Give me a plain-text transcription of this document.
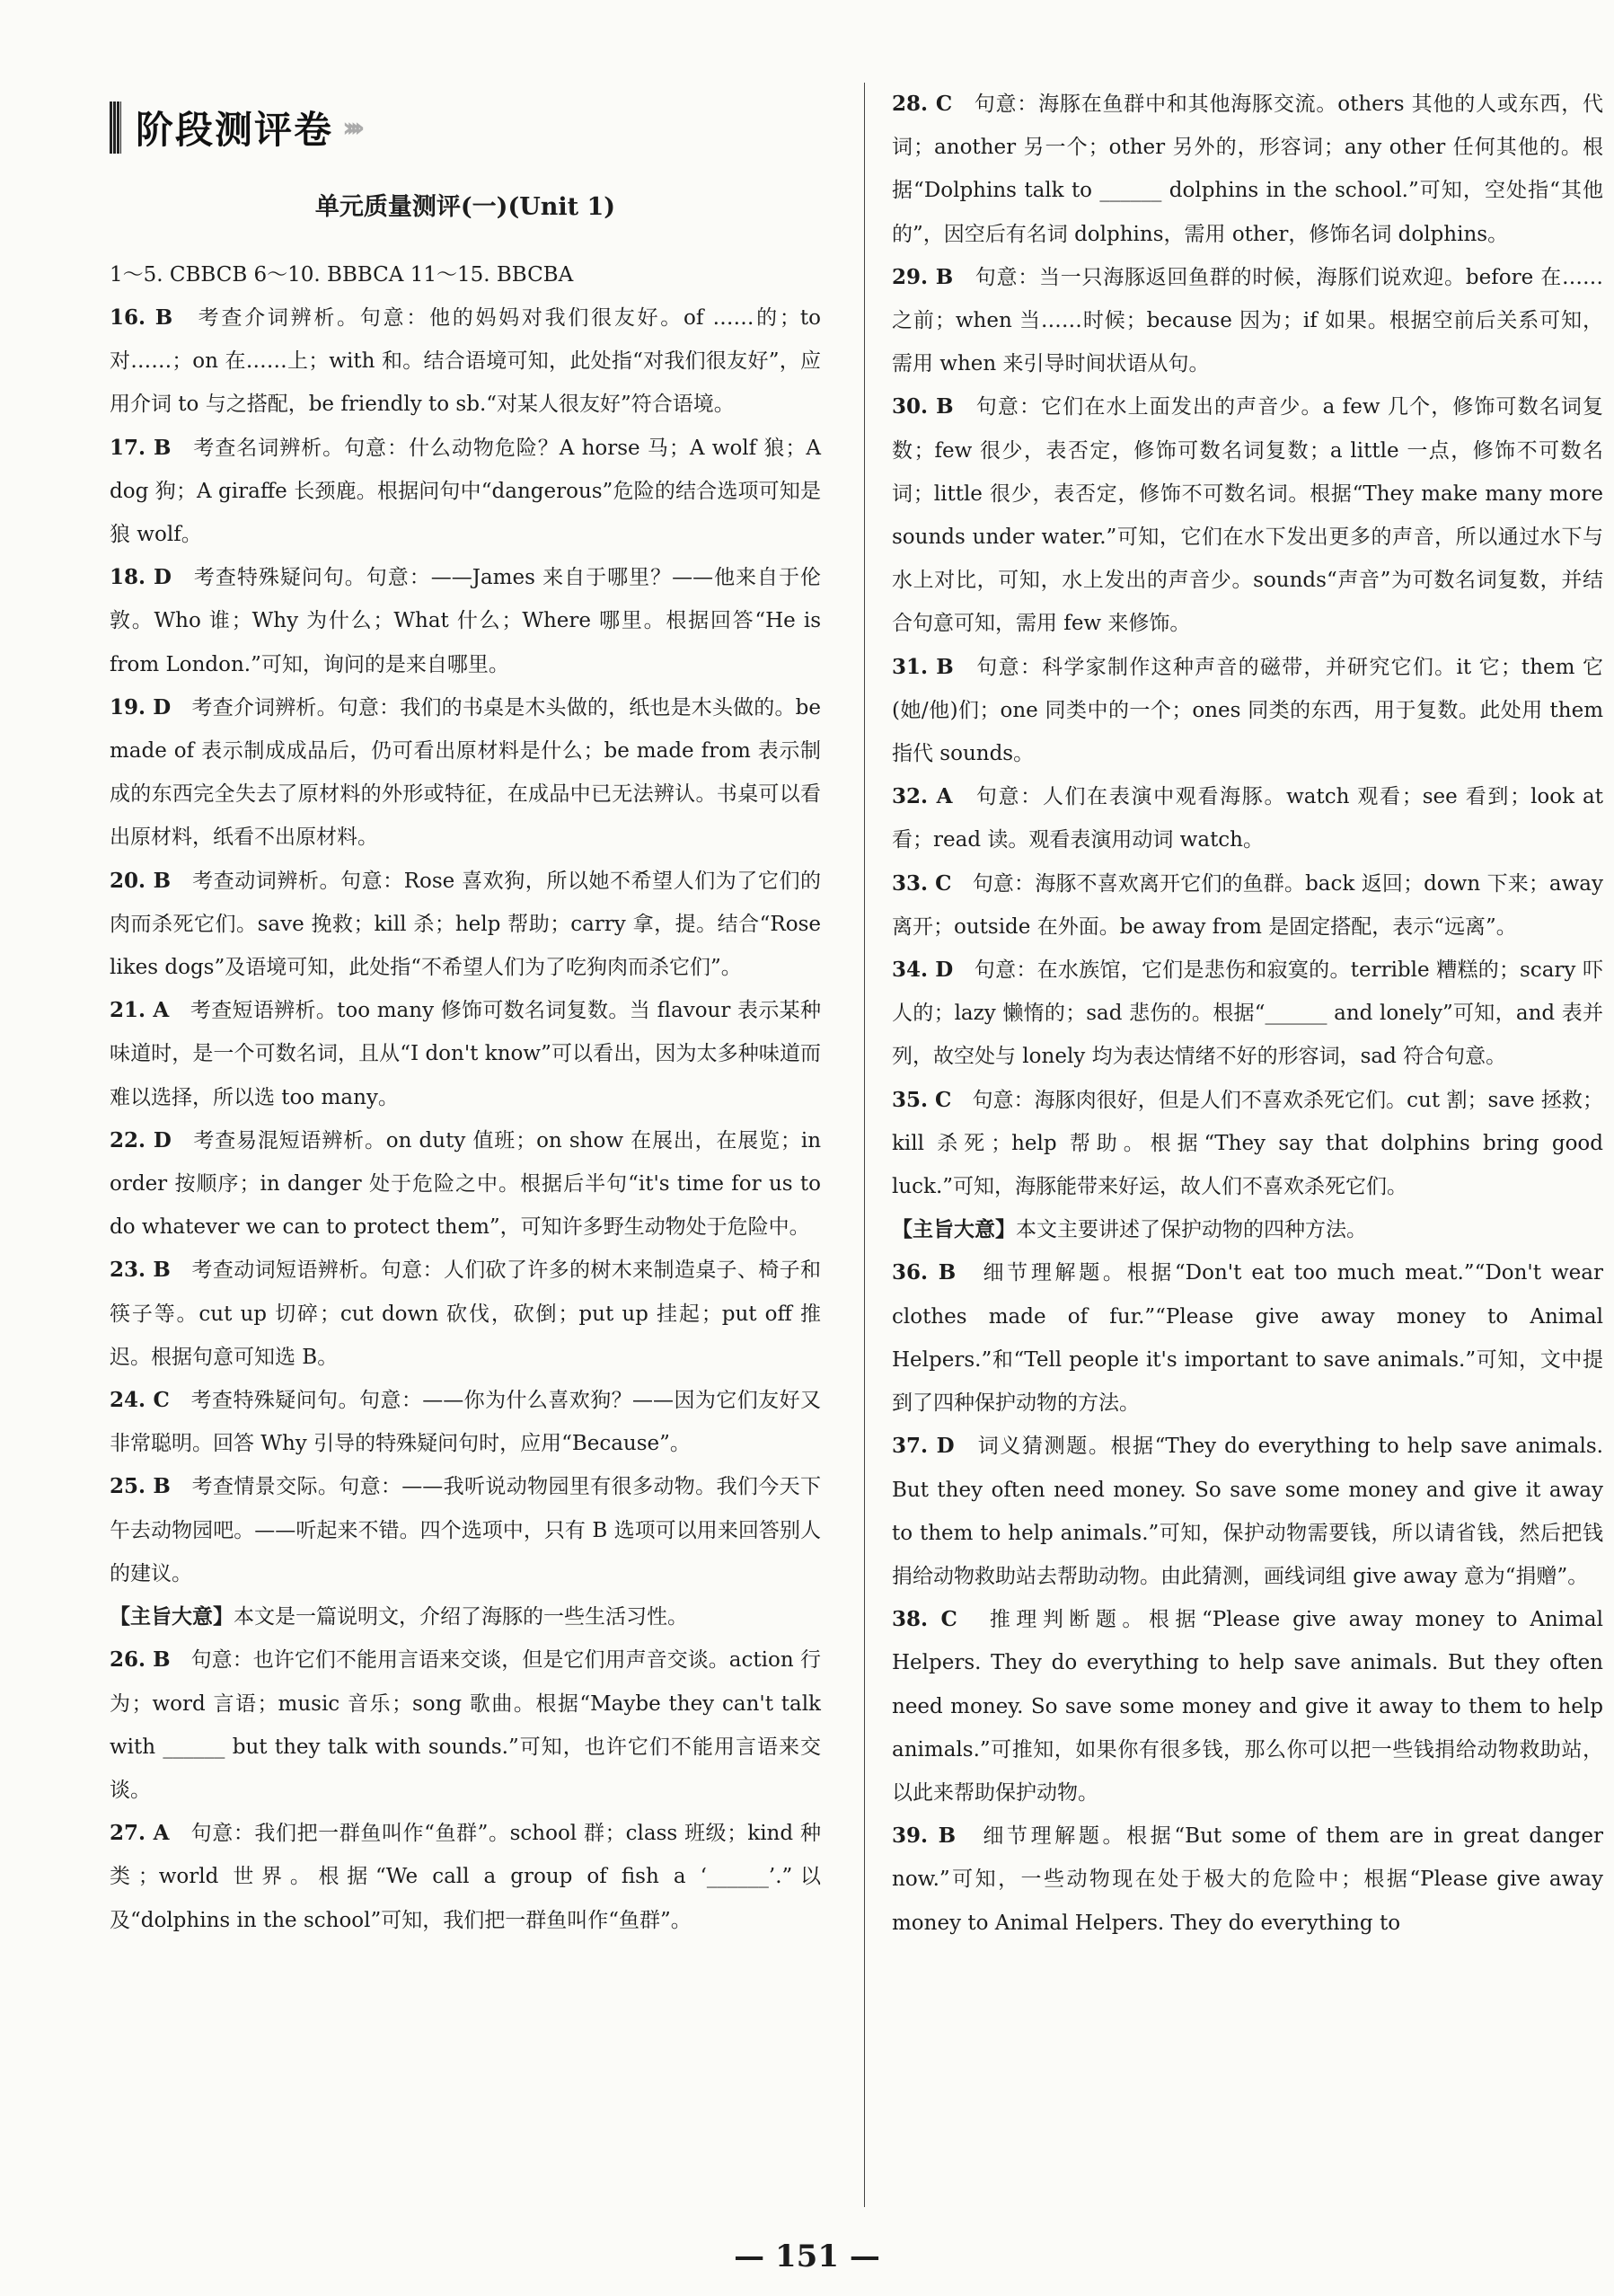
阶段测评卷 ››››
单元质量测评(一)(Unit 1)
1～5. CBBCB 6～10. BBBCA 11～15. BBCBA

16. B　考查介词辨析。句意：他的妈妈对我们很友好。of ……的；to 对……；on 在……上；with 和。结合语境可知，此处指“对我们很友好”，应用介词 to 与之搭配，be friendly to sb.“对某人很友好”符合语境。

17. B　考查名词辨析。句意：什么动物危险？A horse 马；A wolf 狼；A dog 狗；A giraffe 长颈鹿。根据问句中“dangerous”危险的结合选项可知是狼 wolf。

18. D　考查特殊疑问句。句意：——James 来自于哪里？——他来自于伦敦。Who 谁；Why 为什么；What 什么；Where 哪里。根据回答“He is from London.”可知，询问的是来自哪里。

19. D　考查介词辨析。句意：我们的书桌是木头做的，纸也是木头做的。be made of 表示制成成品后，仍可看出原材料是什么；be made from 表示制成的东西完全失去了原材料的外形或特征，在成品中已无法辨认。书桌可以看出原材料，纸看不出原材料。

20. B　考查动词辨析。句意：Rose 喜欢狗，所以她不希望人们为了它们的肉而杀死它们。save 挽救；kill 杀；help 帮助；carry 拿，提。结合“Rose likes dogs”及语境可知，此处指“不希望人们为了吃狗肉而杀它们”。

21. A　考查短语辨析。too many 修饰可数名词复数。当 flavour 表示某种味道时，是一个可数名词，且从“I don't know”可以看出，因为太多种味道而难以选择，所以选 too many。

22. D　考查易混短语辨析。on duty 值班；on show 在展出，在展览；in order 按顺序；in danger 处于危险之中。根据后半句“it's time for us to do whatever we can to protect them”，可知许多野生动物处于危险中。

23. B　考查动词短语辨析。句意：人们砍了许多的树木来制造桌子、椅子和筷子等。cut up 切碎；cut down 砍伐，砍倒；put up 挂起；put off 推迟。根据句意可知选 B。

24. C　考查特殊疑问句。句意：——你为什么喜欢狗？——因为它们友好又非常聪明。回答 Why 引导的特殊疑问句时，应用“Because”。

25. B　考查情景交际。句意：——我听说动物园里有很多动物。我们今天下午去动物园吧。——听起来不错。四个选项中，只有 B 选项可以用来回答别人的建议。

【主旨大意】本文是一篇说明文，介绍了海豚的一些生活习性。

26. B　句意：也许它们不能用言语来交谈，但是它们用声音交谈。action 行为；word 言语；music 音乐；song 歌曲。根据“Maybe they can't talk with ______ but they talk with sounds.”可知，也许它们不能用言语来交谈。

27. A　句意：我们把一群鱼叫作“鱼群”。school 群；class 班级；kind 种类；world 世界。根据“We call a group of fish a ‘______’.”以及“dolphins in the school”可知，我们把一群鱼叫作“鱼群”。

28. C　句意：海豚在鱼群中和其他海豚交流。others 其他的人或东西，代词；another 另一个；other 另外的，形容词；any other 任何其他的。根据“Dolphins talk to ______ dolphins in the school.”可知，空处指“其他的”，因空后有名词 dolphins，需用 other，修饰名词 dolphins。

29. B　句意：当一只海豚返回鱼群的时候，海豚们说欢迎。before 在……之前；when 当……时候；because 因为；if 如果。根据空前后关系可知，需用 when 来引导时间状语从句。

30. B　句意：它们在水上面发出的声音少。a few 几个，修饰可数名词复数；few 很少，表否定，修饰可数名词复数；a little 一点，修饰不可数名词；little 很少，表否定，修饰不可数名词。根据“They make many more sounds under water.”可知，它们在水下发出更多的声音，所以通过水下与水上对比，可知，水上发出的声音少。sounds“声音”为可数名词复数，并结合句意可知，需用 few 来修饰。

31. B　句意：科学家制作这种声音的磁带，并研究它们。it 它；them 它(她/他)们；one 同类中的一个；ones 同类的东西，用于复数。此处用 them 指代 sounds。

32. A　句意：人们在表演中观看海豚。watch 观看；see 看到；look at 看；read 读。观看表演用动词 watch。

33. C　句意：海豚不喜欢离开它们的鱼群。back 返回；down 下来；away 离开；outside 在外面。be away from 是固定搭配，表示“远离”。

34. D　句意：在水族馆，它们是悲伤和寂寞的。terrible 糟糕的；scary 吓人的；lazy 懒惰的；sad 悲伤的。根据“______ and lonely”可知，and 表并列，故空处与 lonely 均为表达情绪不好的形容词，sad 符合句意。

35. C　句意：海豚肉很好，但是人们不喜欢杀死它们。cut 割；save 拯救；kill 杀死；help 帮助。根据“They say that dolphins bring good luck.”可知，海豚能带来好运，故人们不喜欢杀死它们。

【主旨大意】本文主要讲述了保护动物的四种方法。

36. B　细节理解题。根据“Don't eat too much meat.”“Don't wear clothes made of fur.”“Please give away money to Animal Helpers.”和“Tell people it's important to save animals.”可知，文中提到了四种保护动物的方法。

37. D　词义猜测题。根据“They do everything to help save animals. But they often need money. So save some money and give it away to them to help animals.”可知，保护动物需要钱，所以请省钱，然后把钱捐给动物救助站去帮助动物。由此猜测，画线词组 give away 意为“捐赠”。

38. C　推理判断题。根据“Please give away money to Animal Helpers. They do everything to help save animals. But they often need money. So save some money and give it away to them to help animals.”可推知，如果你有很多钱，那么你可以把一些钱捐给动物救助站，以此来帮助保护动物。

39. B　细节理解题。根据“But some of them are in great danger now.”可知，一些动物现在处于极大的危险中；根据“Please give away money to Animal Helpers. They do everything to

— 151 —
